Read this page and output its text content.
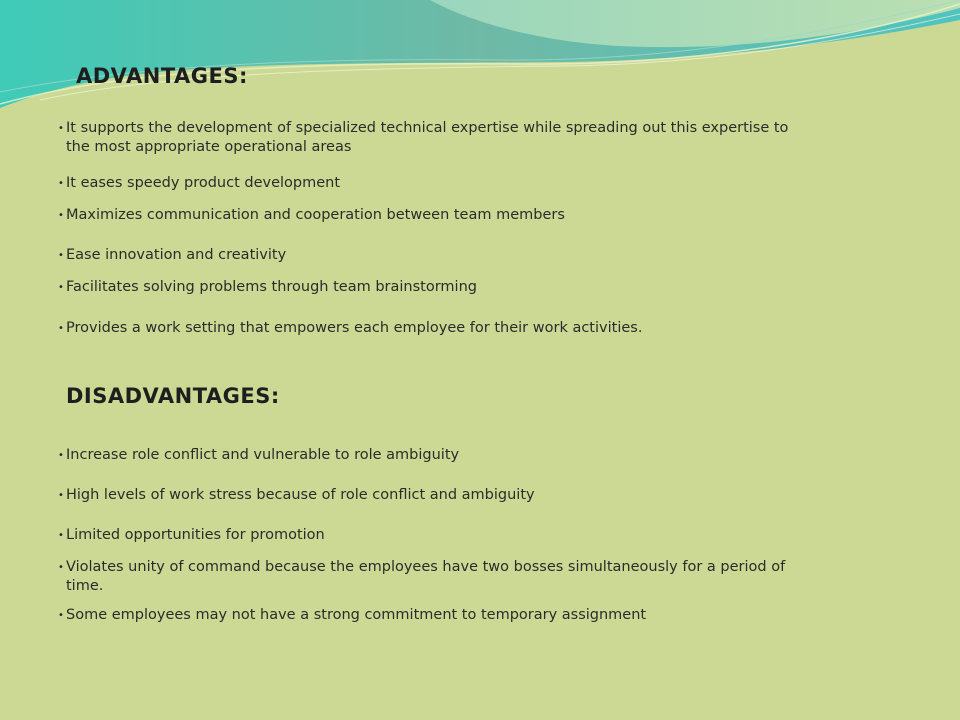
ADVANTAGES:
• It supports the development of specialized technical expertise while spreading out this expertise to the most appropriate operational areas
• It eases speedy product development
• Maximizes communication and cooperation between team members
• Ease innovation and creativity
• Facilitates solving problems through team brainstorming
• Provides a work setting that empowers each employee for their work activities.
DISADVANTAGES:
• Increase role conflict and vulnerable to role ambiguity
• High levels of work stress because of role conflict and ambiguity
• Limited opportunities for promotion
• Violates unity of command because the employees have two bosses simultaneously for a period of time.
• Some employees may not have a strong commitment to temporary assignment
